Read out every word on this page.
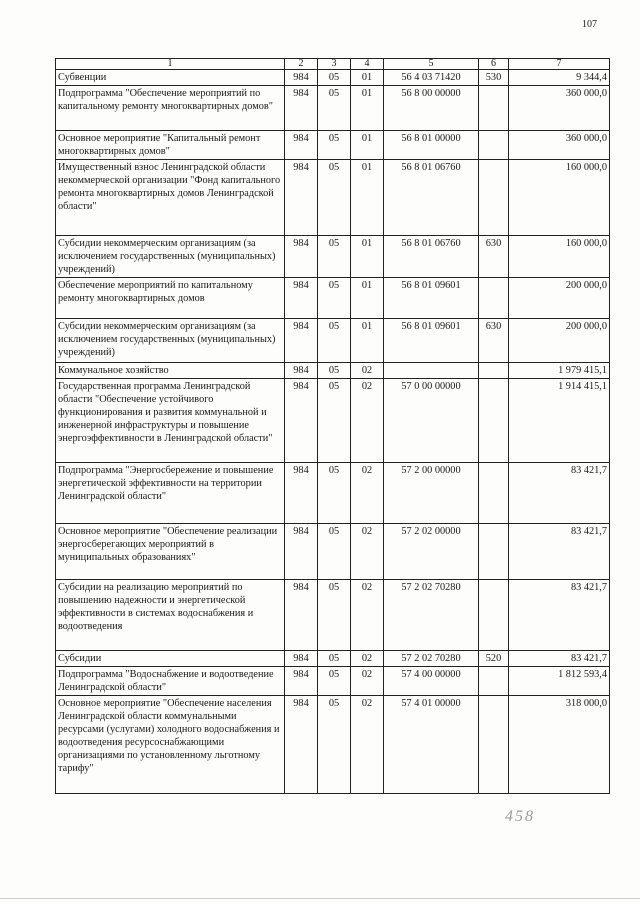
107
1	2	3	4	5	6	7
Субвенции	984	05	01	56 4 03 71420	530	9 344,4
Подпрограмма "Обеспечение мероприятий по капитальному ремонту многоквартирных домов"	984	05	01	56 8 00 00000		360 000,0
Основное мероприятие "Капитальный ремонт многоквартирных домов"	984	05	01	56 8 01 00000		360 000,0
Имущественный взнос Ленинградской области некоммерческой организации "Фонд капитального ремонта многоквартирных домов Ленинградской области"	984	05	01	56 8 01 06760		160 000,0
Субсидии некоммерческим организациям (за исключением государственных (муниципальных) учреждений)	984	05	01	56 8 01 06760	630	160 000,0
Обеспечение мероприятий по капитальному ремонту многоквартирных домов	984	05	01	56 8 01 09601		200 000,0
Субсидии некоммерческим организациям (за исключением государственных (муниципальных) учреждений)	984	05	01	56 8 01 09601	630	200 000,0
Коммунальное хозяйство	984	05	02			1 979 415,1
Государственная программа Ленинградской области "Обеспечение устойчивого функционирования и развития коммунальной и инженерной инфраструктуры и повышение энергоэффективности в Ленинградской области"	984	05	02	57 0 00 00000		1 914 415,1
Подпрограмма "Энергосбережение и повышение энергетической эффективности на территории Ленинградской области"	984	05	02	57 2 00 00000		83 421,7
Основное мероприятие "Обеспечение реализации энергосберегающих мероприятий в муниципальных образованиях"	984	05	02	57 2 02 00000		83 421,7
Субсидии на реализацию мероприятий по повышению надежности и энергетической эффективности в системах водоснабжения и водоотведения	984	05	02	57 2 02 70280		83 421,7
Субсидии	984	05	02	57 2 02 70280	520	83 421,7
Подпрограмма "Водоснабжение и водоотведение Ленинградской области"	984	05	02	57 4 00 00000		1 812 593,4
Основное мероприятие "Обеспечение населения Ленинградской области коммунальными ресурсами (услугами) холодного водоснабжения и водоотведения ресурсоснабжающими организациями по установленному льготному тарифу"	984	05	02	57 4 01 00000		318 000,0
458
